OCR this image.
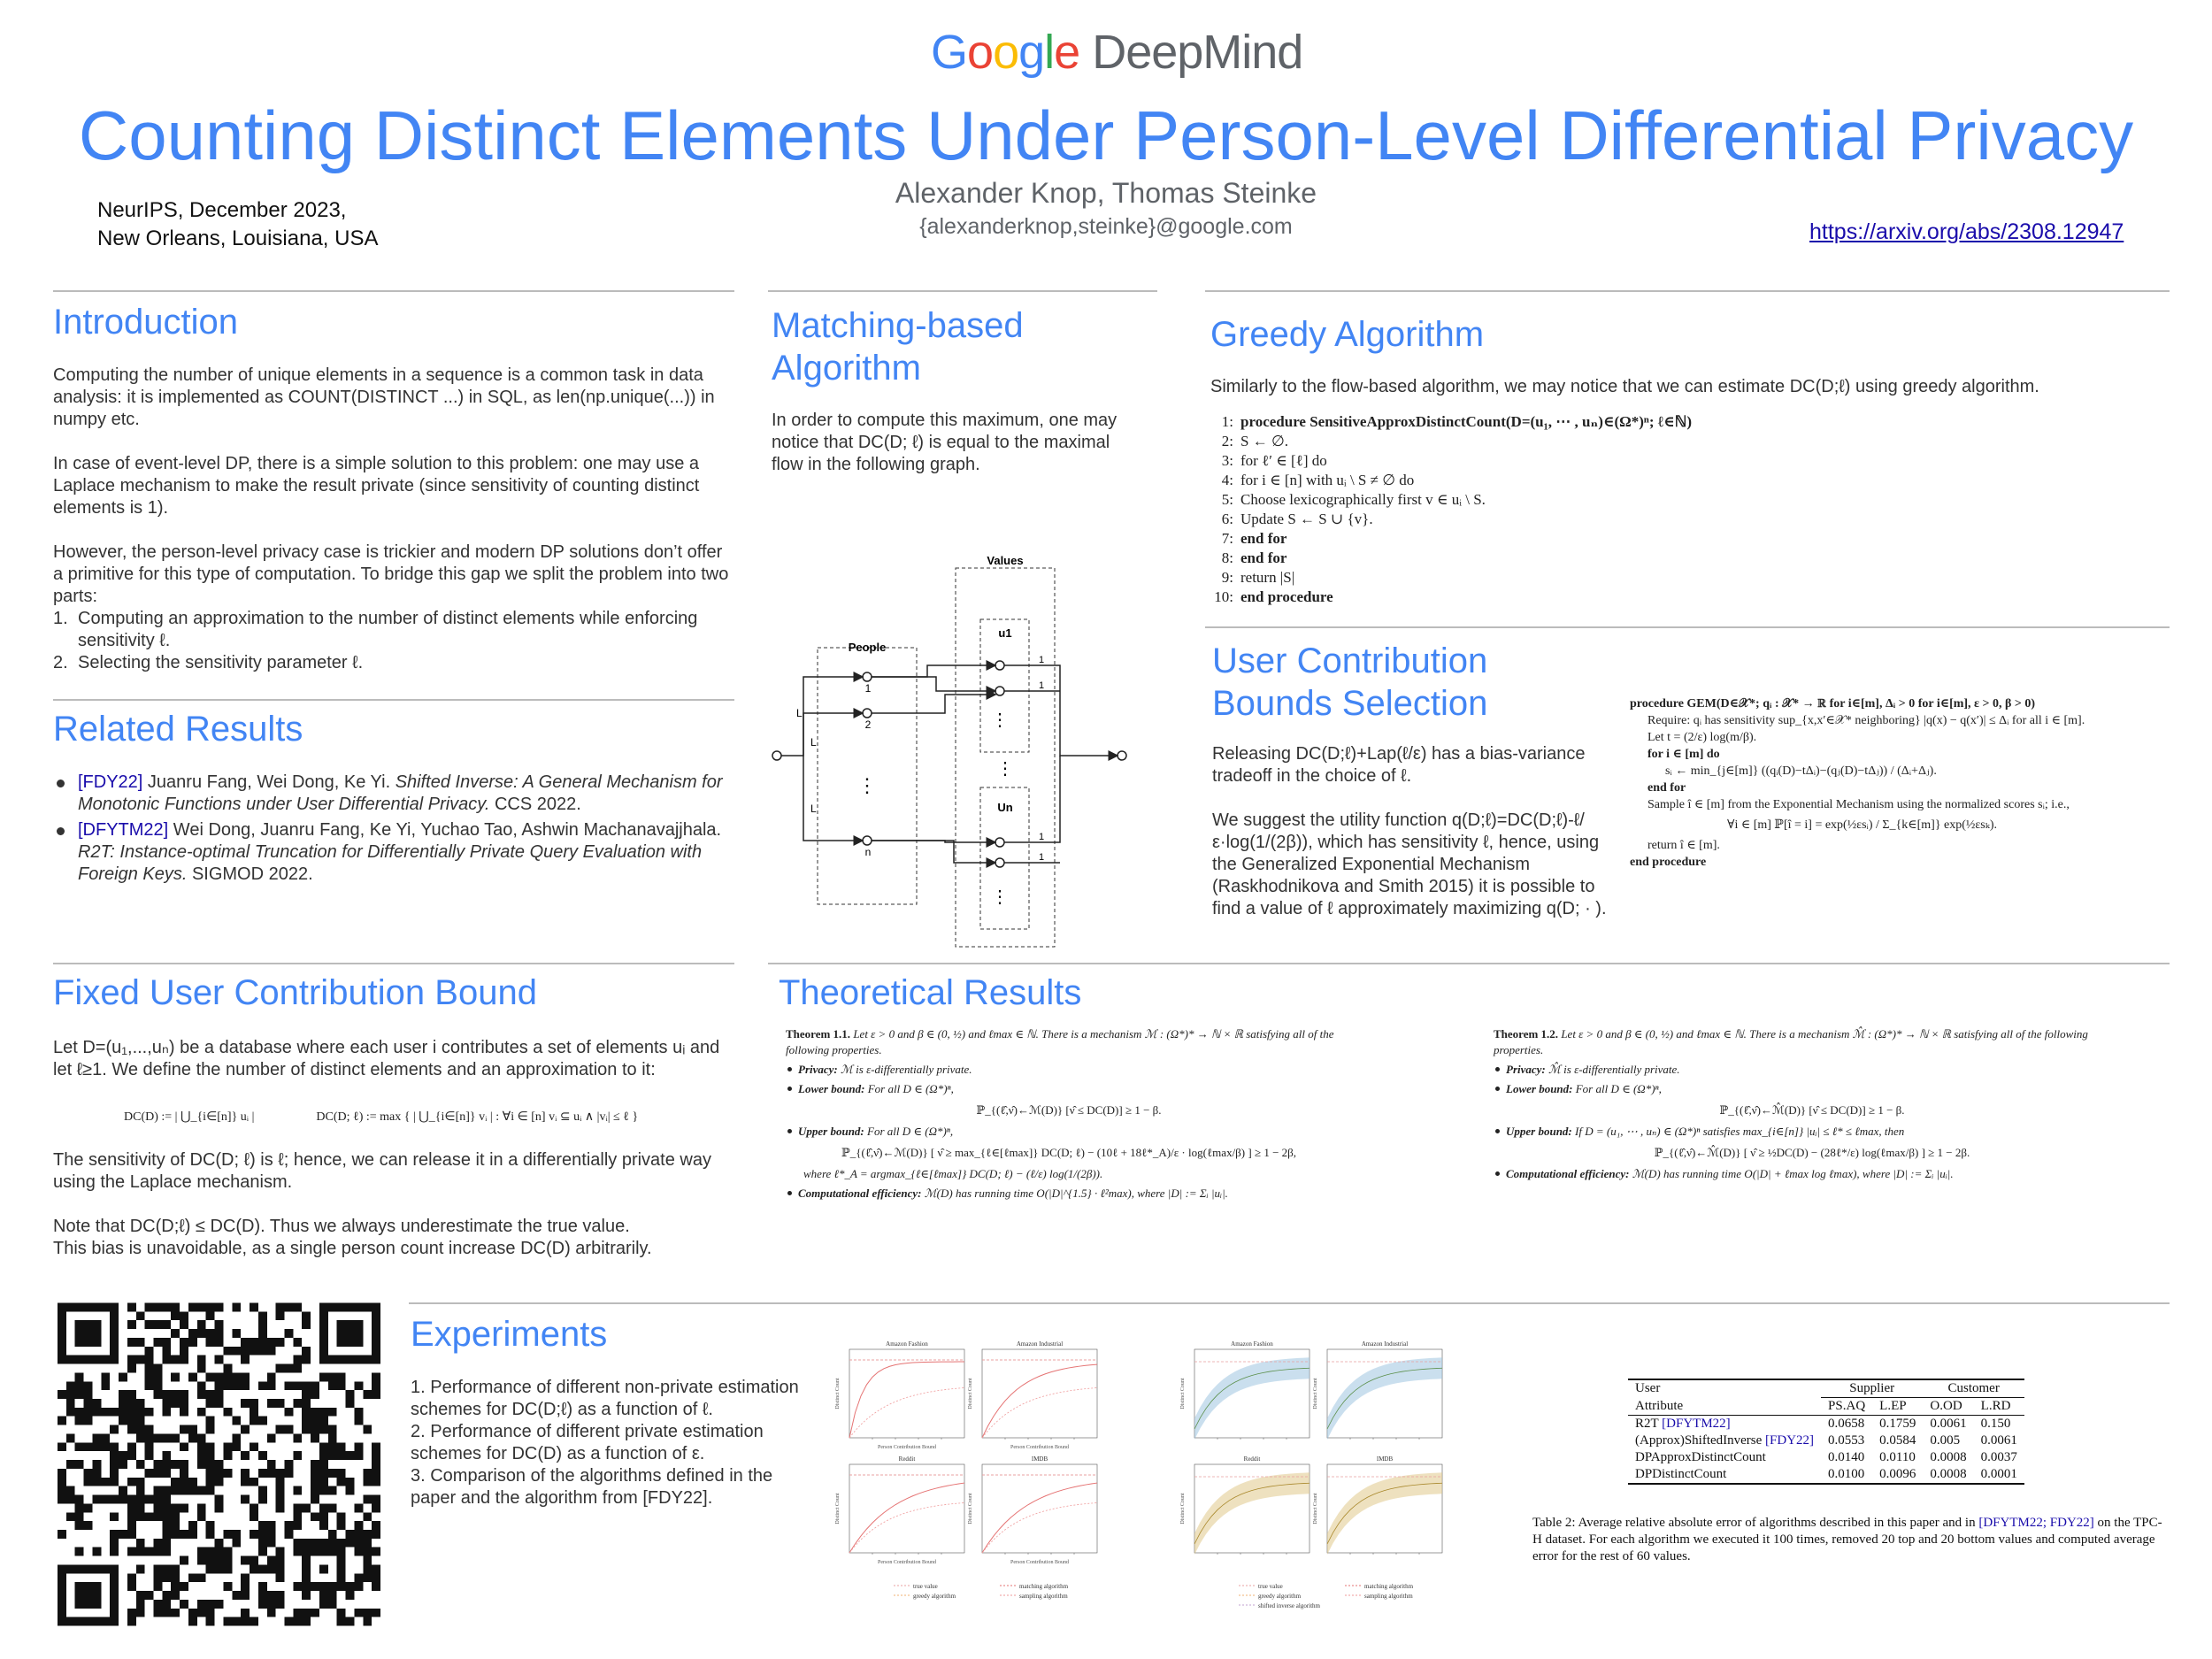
G o o g l e DeepMind
Counting Distinct Elements Under Person-Level Differential Privacy
Alexander Knop, Thomas Steinke
{alexanderknop,steinke}@google.com
NeurIPS, December 2023,
New Orleans, Louisiana, USA	https://arxiv.org/abs/2308.12947
Introduction

Computing the number of unique elements in a sequence is a common task in data analysis: it is implemented as COUNT(DISTINCT ...) in SQL, as len(np.unique(...)) in numpy etc.

In case of event-level DP, there is a simple solution to this problem: one may use a Laplace mechanism to make the result private (since sensitivity of counting distinct elements is 1).

However, the person-level privacy case is trickier and modern DP solutions don’t offer a primitive for this type of computation. To bridge this gap we split the problem into two parts:

1. Computing an approximation to the number of distinct elements while enforcing sensitivity ℓ.
2. Selecting the sensitivity parameter ℓ.
Related Results
[FDY22] Juanru Fang, Wei Dong, Ke Yi. Shifted Inverse: A General Mechanism for Monotonic Functions under User Differential Privacy. CCS 2022.
[DFYTM22] Wei Dong, Juanru Fang, Ke Yi, Yuchao Tao, Ashwin Machanavajjhala. R2T: Instance-optimal Truncation for Differentially Private Query Evaluation with Foreign Keys. SIGMOD 2022.
Matching-based
Algorithm
In order to compute this maximum, one may notice that DC(D; ℓ) is equal to the maximal flow in the following graph.
Values
u1
Un
People
1
2
n
⋮
⋮
⋮
⋮
L
L
L
1
1
1
1
Greedy Algorithm
Similarly to the flow-based algorithm, we may notice that we can estimate DC(D;ℓ) using greedy algorithm.
1: procedure SensitiveApproxDistinctCount(D=(u₁, ⋯ , uₙ)∈(Ω*)ⁿ; ℓ∈ℕ)
2: S ← ∅.
3: for ℓ′ ∈ [ℓ] do
4: for i ∈ [n] with uᵢ \ S ≠ ∅ do
5: Choose lexicographically first v ∈ uᵢ \ S.
6: Update S ← S ∪ {v}.
7: end for
8: end for
9: return |S|
10: end procedure
User Contribution
Bounds Selection

Releasing DC(D;ℓ)+Lap(ℓ/ε) has a bias-variance tradeoff in the choice of ℓ.

We suggest the utility function q(D;ℓ)=DC(D;ℓ)-ℓ/ε·log(1/(2β)), which has sensitivity ℓ, hence, using the Generalized Exponential Mechanism (Raskhodnikova and Smith 2015) it is possible to find a value of ℓ approximately maximizing q(D; · ).

procedure GEM(D∈𝒳*; qᵢ : 𝒳* → ℝ for i∈[m], Δᵢ > 0 for i∈[m], ε > 0, β > 0)
Require: qᵢ has sensitivity sup_{x,x′∈𝒳* neighboring} |q(x) − q(x′)| ≤ Δᵢ for all i ∈ [m].
Let t = (2/ε) log(m/β).
for i ∈ [m] do
sᵢ ← min_{j∈[m]} ((qᵢ(D)−tΔᵢ)−(qⱼ(D)−tΔⱼ)) / (Δᵢ+Δⱼ).
end for
Sample î ∈ [m] from the Exponential Mechanism using the normalized scores sᵢ; i.e.,
∀i ∈ [m] ℙ[î = i] = exp(½εsᵢ) / Σ_{k∈[m]} exp(½εsₖ).
return î ∈ [m].
end procedure
Fixed User Contribution Bound

Let D=(u₁,...,uₙ) be a database where each user i contributes a set of elements uᵢ and let ℓ≥1. We define the number of distinct elements and an approximation to it:

DC(D) := | ⋃_{i∈[n]} uᵢ |	DC(D; ℓ) := max { | ⋃_{i∈[n]} vᵢ | : ∀i ∈ [n] vᵢ ⊆ uᵢ ∧ |vᵢ| ≤ ℓ }

The sensitivity of DC(D; ℓ) is ℓ; hence, we can release it in a differentially private way using the Laplace mechanism.

Note that DC(D;ℓ) ≤ DC(D). Thus we always underestimate the true value.

This bias is unavoidable, as a single person count increase DC(D) arbitrarily.

Theoretical Results

Theorem 1.1. Let ε > 0 and β ∈ (0, ½) and ℓmax ∈ ℕ. There is a mechanism ℳ : (Ω*)* → ℕ × ℝ satisfying all of the following properties.

Privacy: ℳ is ε-differentially private.
Lower bound: For all D ∈ (Ω*)ⁿ,
ℙ_{(ℓ̂,ν̂)←ℳ(D)} [ν̂ ≤ DC(D)] ≥ 1 − β.
Upper bound: For all D ∈ (Ω*)ⁿ,
ℙ_{(ℓ̂,ν̂)←ℳ(D)} [ ν̂ ≥ max_{ℓ∈[ℓmax]} DC(D; ℓ) − (10ℓ + 18ℓ*_A)/ε · log(ℓmax/β) ] ≥ 1 − 2β,
where ℓ*_A = argmax_{ℓ∈[ℓmax]} DC(D; ℓ) − (ℓ/ε) log(1/(2β)).
Computational efficiency: ℳ(D) has running time O(|D|^{1.5} · ℓ²max), where |D| := Σᵢ |uᵢ|.

Theorem 1.2. Let ε > 0 and β ∈ (0, ½) and ℓmax ∈ ℕ. There is a mechanism ℳ̂ : (Ω*)* → ℕ × ℝ satisfying all of the following properties.

Privacy: ℳ̂ is ε-differentially private.
Lower bound: For all D ∈ (Ω*)ⁿ,
ℙ_{(ℓ̂,ν̂)←ℳ̂(D)} [ν̂ ≤ DC(D)] ≥ 1 − β.
Upper bound: If D = (u₁, ⋯ , uₙ) ∈ (Ω*)ⁿ satisfies max_{i∈[n]} |uᵢ| ≤ ℓ* ≤ ℓmax, then
ℙ_{(ℓ̂,ν̂)←ℳ̂(D)} [ ν̂ ≥ ½DC(D) − (28ℓ*/ε) log(ℓmax/β) ] ≥ 1 − 2β.
Computational efficiency: ℳ(D) has running time O(|D| + ℓmax log ℓmax), where |D| := Σᵢ |uᵢ|.
Experiments

1. Performance of different non-private estimation schemes for DC(D;ℓ) as a function of ℓ.

2. Performance of different private estimation schemes for DC(D) as a function of ε.

3. Comparison of the algorithms defined in the paper and the algorithm from [FDY22].

Amazon Fashion
Person Contribution Bound
Distinct Count
Amazon Industrial
Person Contribution Bound
Distinct Count
Reddit
Person Contribution Bound
Distinct Count
IMDB
Person Contribution Bound
Distinct Count
true value	matching algorithm
greedy algorithm	sampling algorithm
Amazon Fashion
Distinct Count
Amazon Industrial
Distinct Count
Reddit
Distinct Count
IMDB
Distinct Count
true value	matching algorithm
greedy algorithm	sampling algorithm
shifted inverse algorithm
User	Supplier		Customer	
Attribute	PS.AQ	L.EP	O.OD	L.RD
R2T [DFYTM22]	0.0658	0.1759	0.0061	0.150
(Approx)ShiftedInverse [FDY22]	0.0553	0.0584	0.005	0.0061
DPApproxDistinctCount	0.0140	0.0110	0.0008	0.0037
DPDistinctCount	0.0100	0.0096	0.0008	0.0001
Table 2: Average relative absolute error of algorithms described in this paper and in [DFYTM22; FDY22] on the TPC-H dataset. For each algorithm we executed it 100 times, removed 20 top and 20 bottom values and computed average error for the rest of 60 values.
